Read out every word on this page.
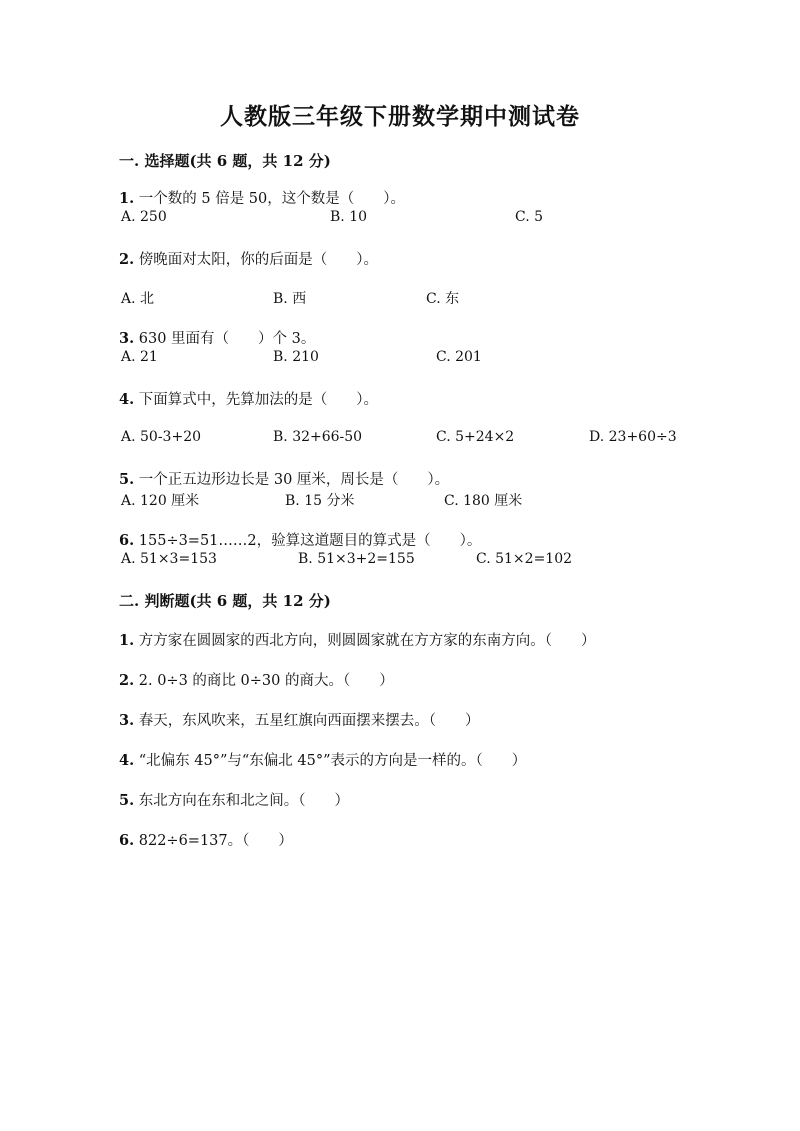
人教版三年级下册数学期中测试卷
一. 选择题(共 6 题，共 12 分)
1. 一个数的 5 倍是 50，这个数是（　　）。
A. 250	B. 10	C. 5
2. 傍晚面对太阳，你的后面是（　　）。
A. 北	B. 西	C. 东
3. 630 里面有（　　）个 3。
A. 21	B. 210	C. 201
4. 下面算式中，先算加法的是（　　）。
A. 50-3+20	B. 32+66-50	C. 5+24×2	D. 23+60÷3
5. 一个正五边形边长是 30 厘米，周长是（　　）。
A. 120 厘米	B. 15 分米	C. 180 厘米
6. 155÷3=51……2，验算这道题目的算式是（　　）。
A. 51×3=153	B. 51×3+2=155	C. 51×2=102
二. 判断题(共 6 题，共 12 分)
1. 方方家在圆圆家的西北方向，则圆圆家就在方方家的东南方向。（　　）
2. 2. 0÷3 的商比 0÷30 的商大。（　　）
3. 春天，东风吹来，五星红旗向西面摆来摆去。（　　）
4. “北偏东 45°”与“东偏北 45°”表示的方向是一样的。（　　）
5. 东北方向在东和北之间。（　　）
6. 822÷6=137。（　　）
